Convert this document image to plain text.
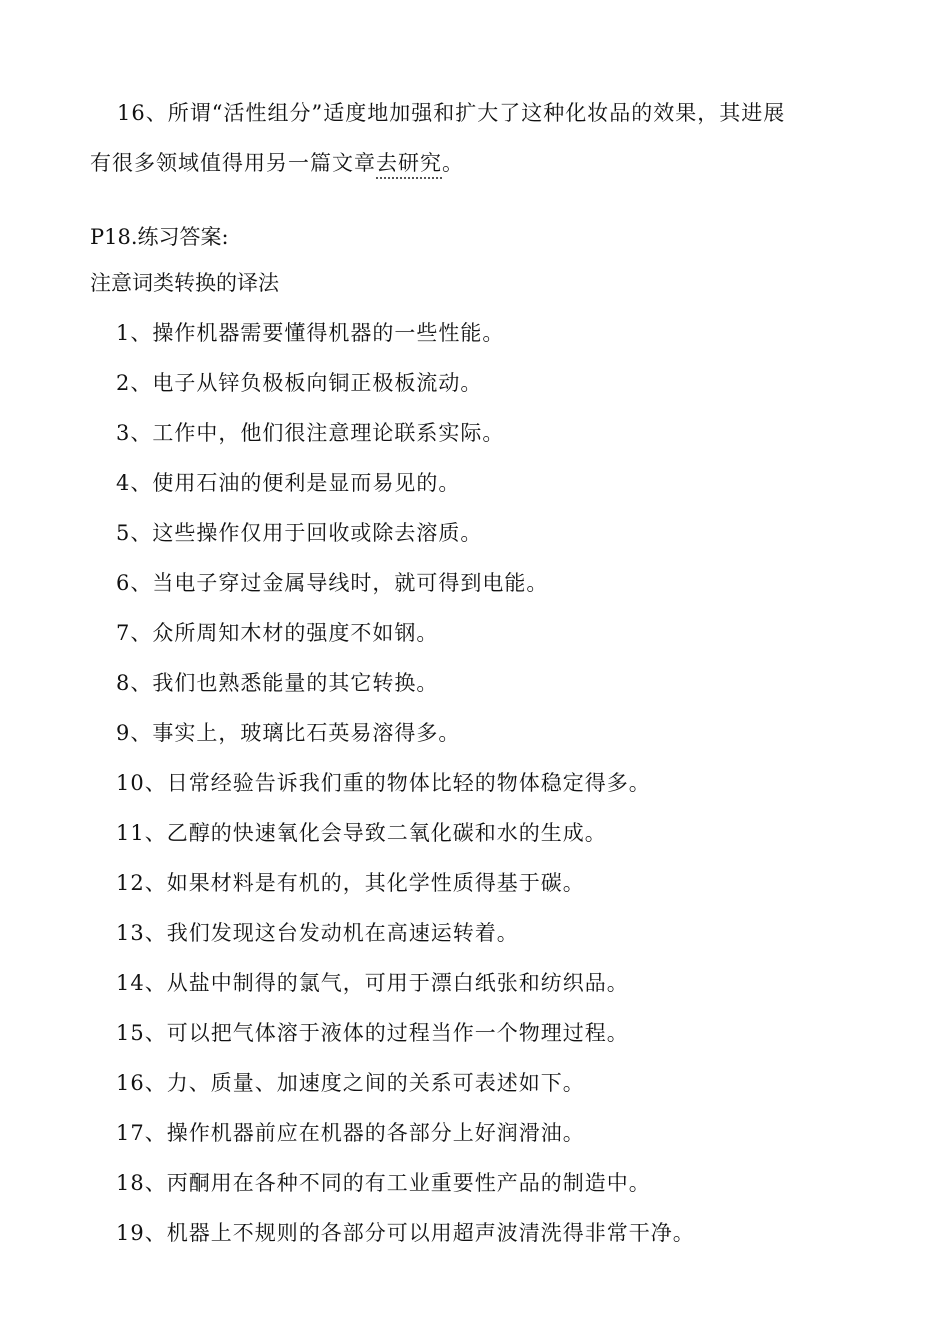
16、所谓“活性组分”适度地加强和扩大了这种化妆品的效果，其进展
有很多领域值得用另一篇文章去研究。

P18.练习答案:
注意词类转换的译法
1、操作机器需要懂得机器的一些性能。
2、电子从锌负极板向铜正极板流动。
3、工作中，他们很注意理论联系实际。
4、使用石油的便利是显而易见的。
5、这些操作仅用于回收或除去溶质。
6、当电子穿过金属导线时，就可得到电能。
7、众所周知木材的强度不如钢。
8、我们也熟悉能量的其它转换。
9、事实上，玻璃比石英易溶得多。
10、日常经验告诉我们重的物体比轻的物体稳定得多。
11、乙醇的快速氧化会导致二氧化碳和水的生成。
12、如果材料是有机的，其化学性质得基于碳。
13、我们发现这台发动机在高速运转着。
14、从盐中制得的氯气，可用于漂白纸张和纺织品。
15、可以把气体溶于液体的过程当作一个物理过程。
16、力、质量、加速度之间的关系可表述如下。
17、操作机器前应在机器的各部分上好润滑油。
18、丙酮用在各种不同的有工业重要性产品的制造中。
19、机器上不规则的各部分可以用超声波清洗得非常干净。
